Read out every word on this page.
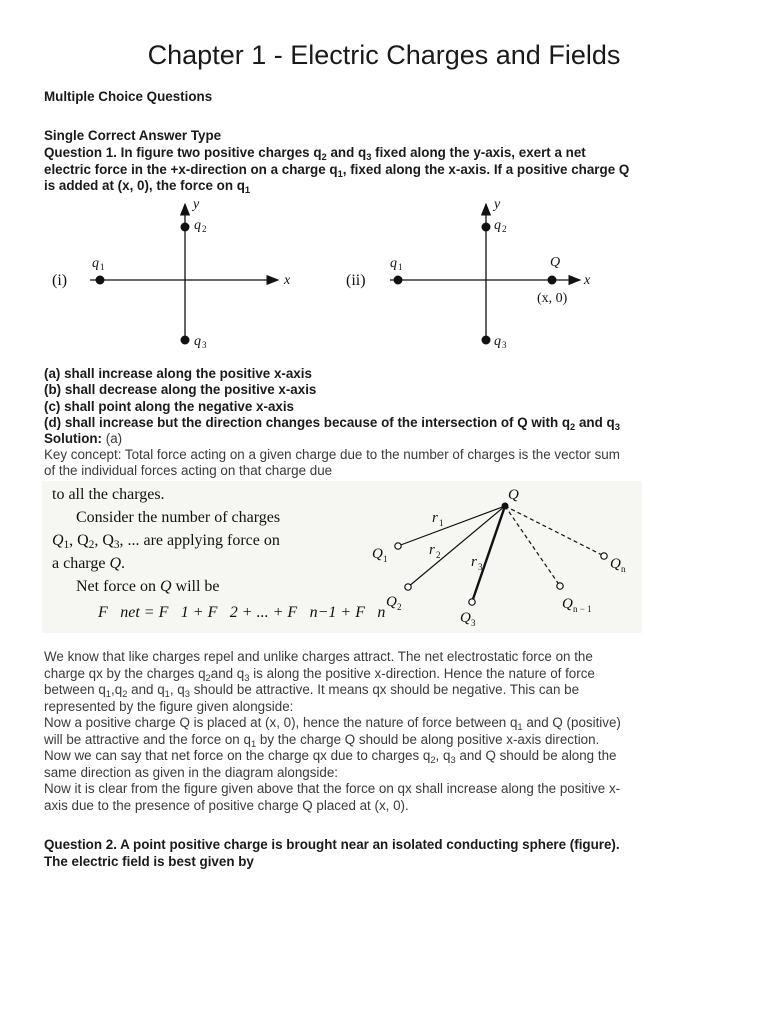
Chapter 1 - Electric Charges and Fields
Multiple Choice Questions
Single Correct Answer Type
Question 1. In figure two positive charges $q_2$ and $q_3$ fixed along the y-axis, exert a net
electric force in the +x-direction on a charge $q_1$, fixed along the x-axis. If a positive charge Q
is added at (x, 0), the force on $q_1$
(i)
y
x
q 1
q 2
q 3
(ii)
y
x
q 1
q 2
q 3
Q
(x, 0)
(a) shall increase along the positive x-axis
(b) shall decrease along the positive x-axis
(c) shall point along the negative x-axis
(d) shall increase but the direction changes because of the intersection of Q with $q_2$ and $q_3$
Solution: (a)
Key concept: Total force acting on a given charge due to the number of charges is the vector sum
of the individual forces acting on that charge due
to all the charges.
Consider the number of charges
$Q_1$, $Q_2$, $Q_3$, ... are applying force on
a charge Q.
Net force on Q will be
F⃗net = F⃗1 + F⃗2 + ... + F⃗n−1 + F⃗n
Q
r 1
r 2 r 3
Q 1
Q 2
Q 3
Q n
Q n − 1
We know that like charges repel and unlike charges attract. The net electrostatic force on the
charge qx by the charges $q_2and$ $q_3$ is along the positive x-direction. Hence the nature of force
between $q_1,q_2$ and $q_1$, $q_3$ should be attractive. It means qx should be negative. This can be
represented by the figure given alongside:
Now a positive charge Q is placed at (x, 0), hence the nature of force between $q_1$ and Q (positive)
will be attractive and the force on $q_1$ by the charge Q should be along positive x-axis direction.
Now we can say that net force on the charge qx due to charges $q_2$, $q_3$ and Q should be along the
same direction as given in the diagram alongside:
Now it is clear from the figure given above that the force on qx shall increase along the positive x-
axis due to the presence of positive charge Q placed at (x, 0).
Question 2. A point positive charge is brought near an isolated conducting sphere (figure).
The electric field is best given by
